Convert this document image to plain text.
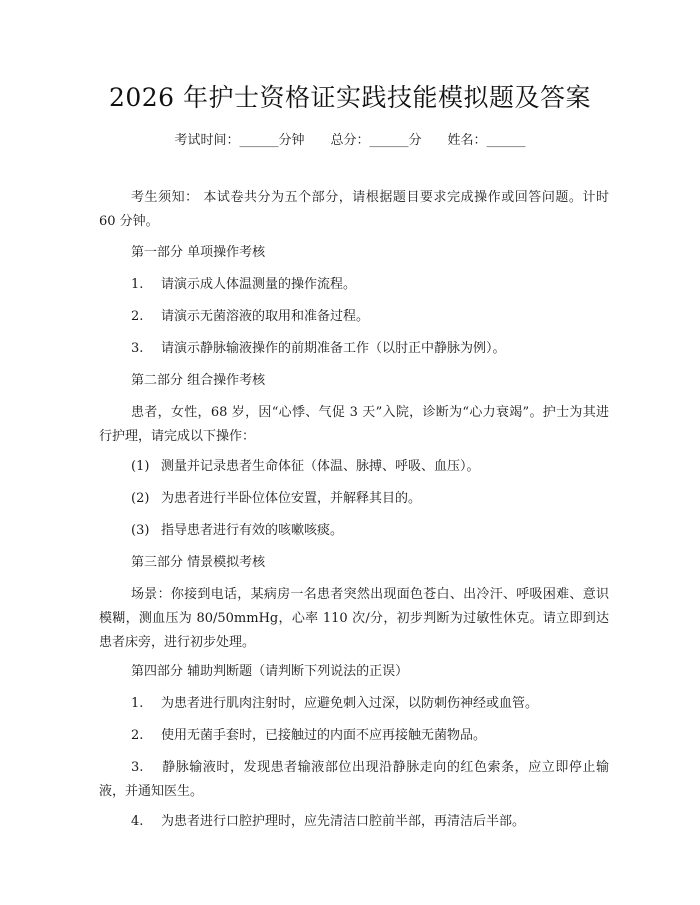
2026 年护士资格证实践技能模拟题及答案
考试时间：______分钟 总分：______分 姓名：______
考生须知： 本试卷共分为五个部分，请根据题目要求完成操作或回答问题。计时 60 分钟。
第一部分 单项操作考核
1. 请演示成人体温测量的操作流程。
2. 请演示无菌溶液的取用和准备过程。
3. 请演示静脉输液操作的前期准备工作（以肘正中静脉为例）。
第二部分 组合操作考核
患者，女性，68 岁，因“心悸、气促 3 天”入院，诊断为“心力衰竭”。护士为其进行护理，请完成以下操作：
(1) 测量并记录患者生命体征（体温、脉搏、呼吸、血压）。
(2) 为患者进行半卧位体位安置，并解释其目的。
(3) 指导患者进行有效的咳嗽咳痰。
第三部分 情景模拟考核
场景：你接到电话，某病房一名患者突然出现面色苍白、出冷汗、呼吸困难、意识模糊，测血压为 80/50mmHg，心率 110 次/分，初步判断为过敏性休克。请立即到达患者床旁，进行初步处理。
第四部分 辅助判断题（请判断下列说法的正误）
1. 为患者进行肌肉注射时，应避免刺入过深，以防刺伤神经或血管。
2. 使用无菌手套时，已接触过的内面不应再接触无菌物品。
3. 静脉输液时，发现患者输液部位出现沿静脉走向的红色索条，应立即停止输液，并通知医生。
4. 为患者进行口腔护理时，应先清洁口腔前半部，再清洁后半部。
